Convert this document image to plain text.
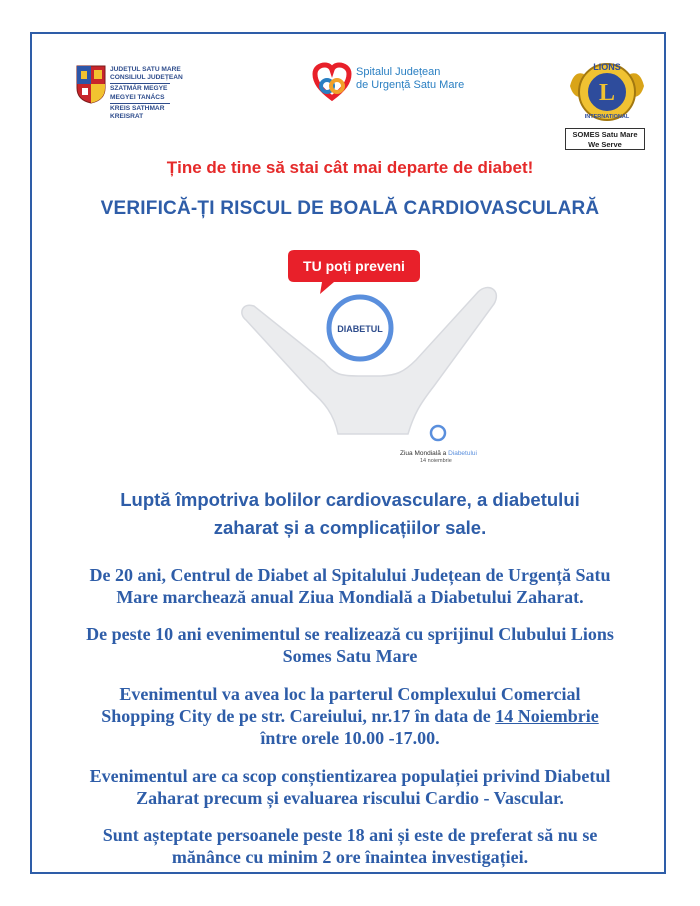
JUDEȚUL SATU MARE
CONSILIUL JUDEȚEAN
SZATMÁR MEGYE
MEGYEI TANÁCS
KREIS SATHMAR
KREISRAT
Spitalul Județean
de Urgență Satu Mare
LIONS
L
INTERNATIONAL
SOMES Satu Mare
We Serve
Ține de tine să stai cât mai departe de diabet!
VERIFICĂ-ȚI RISCUL DE BOALĂ CARDIOVASCULARĂ
DIABETUL
TU poți preveni
Ziua Mondială a Diabetului
14 noiembrie
Luptă împotriva bolilor cardiovasculare, a diabetului
zaharat și a complicațiilor sale.
De 20 ani, Centrul de Diabet al Spitalului Județean de Urgență Satu
Mare marchează anual Ziua Mondială a Diabetului Zaharat.
De peste 10 ani evenimentul se realizează cu sprijinul Clubului Lions
Somes Satu Mare
Evenimentul va avea loc la parterul Complexului Comercial
Shopping City de pe str. Careiului, nr.17 în data de 14 Noiembrie
între orele 10.00 -17.00.
Evenimentul are ca scop conștientizarea populației privind Diabetul
Zaharat precum și evaluarea riscului Cardio - Vascular.
Sunt așteptate persoanele peste 18 ani și este de preferat să nu se
mănânce cu minim 2 ore înaintea investigației.
